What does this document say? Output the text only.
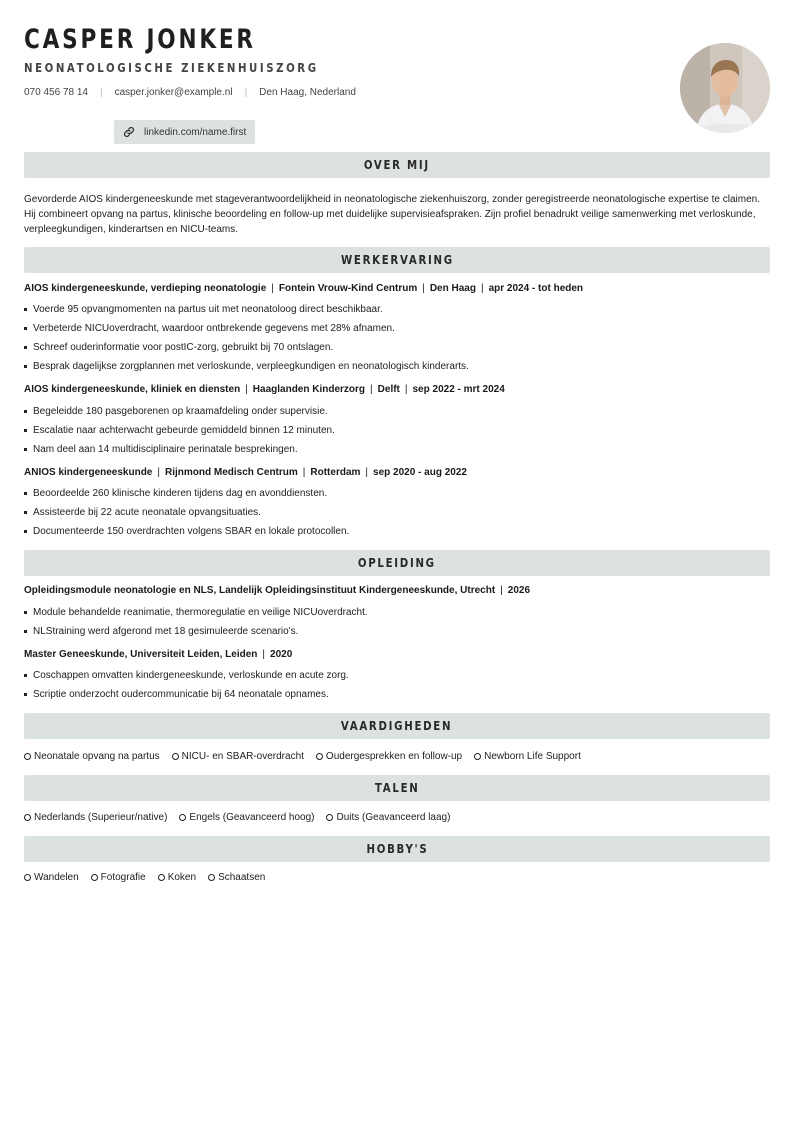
CASPER JONKER
NEONATOLOGISCHE ZIEKENHUISZORG
070 456 78 14 | casper.jonker@example.nl | Den Haag, Nederland
linkedin.com/name.first
OVER MIJ
Gevorderde AIOS kindergeneeskunde met stageverantwoordelijkheid in neonatologische ziekenhuiszorg, zonder geregistreerde neonatologische expertise te claimen. Hij combineert opvang na partus, klinische beoordeling en follow-up met duidelijke supervisieafspraken. Zijn profiel benadrukt veilige samenwerking met verloskunde, verpleegkundigen, kinderartsen en NICU-teams.
WERKERVARING
AIOS kindergeneeskunde, verdieping neonatologie | Fontein Vrouw-Kind Centrum | Den Haag | apr 2024 - tot heden
Voerde 95 opvangmomenten na partus uit met neonatoloog direct beschikbaar.
Verbeterde NICUoverdracht, waardoor ontbrekende gegevens met 28% afnamen.
Schreef ouderinformatie voor postIC-zorg, gebruikt bij 70 ontslagen.
Besprak dagelijkse zorgplannen met verloskunde, verpleegkundigen en neonatologisch kinderarts.
AIOS kindergeneeskunde, kliniek en diensten | Haaglanden Kinderzorg | Delft | sep 2022 - mrt 2024
Begeleidde 180 pasgeborenen op kraamafdeling onder supervisie.
Escalatie naar achterwacht gebeurde gemiddeld binnen 12 minuten.
Nam deel aan 14 multidisciplinaire perinatale besprekingen.
ANIOS kindergeneeskunde | Rijnmond Medisch Centrum | Rotterdam | sep 2020 - aug 2022
Beoordeelde 260 klinische kinderen tijdens dag en avonddiensten.
Assisteerde bij 22 acute neonatale opvangsituaties.
Documenteerde 150 overdrachten volgens SBAR en lokale protocollen.
OPLEIDING
Opleidingsmodule neonatologie en NLS, Landelijk Opleidingsinstituut Kindergeneeskunde, Utrecht | 2026
Module behandelde reanimatie, thermoregulatie en veilige NICUoverdracht.
NLStraining werd afgerond met 18 gesimuleerde scenario's.
Master Geneeskunde, Universiteit Leiden, Leiden | 2020
Coschappen omvatten kindergeneeskunde, verloskunde en acute zorg.
Scriptie onderzocht oudercommunicatie bij 64 neonatale opnames.
VAARDIGHEDEN
Neonatale opvang na partus NICU- en SBAR-overdracht Oudergesprekken en follow-up Newborn Life Support
TALEN
Nederlands (Superieur/native) Engels (Geavanceerd hoog) Duits (Geavanceerd laag)
HOBBY'S
Wandelen Fotografie Koken Schaatsen
